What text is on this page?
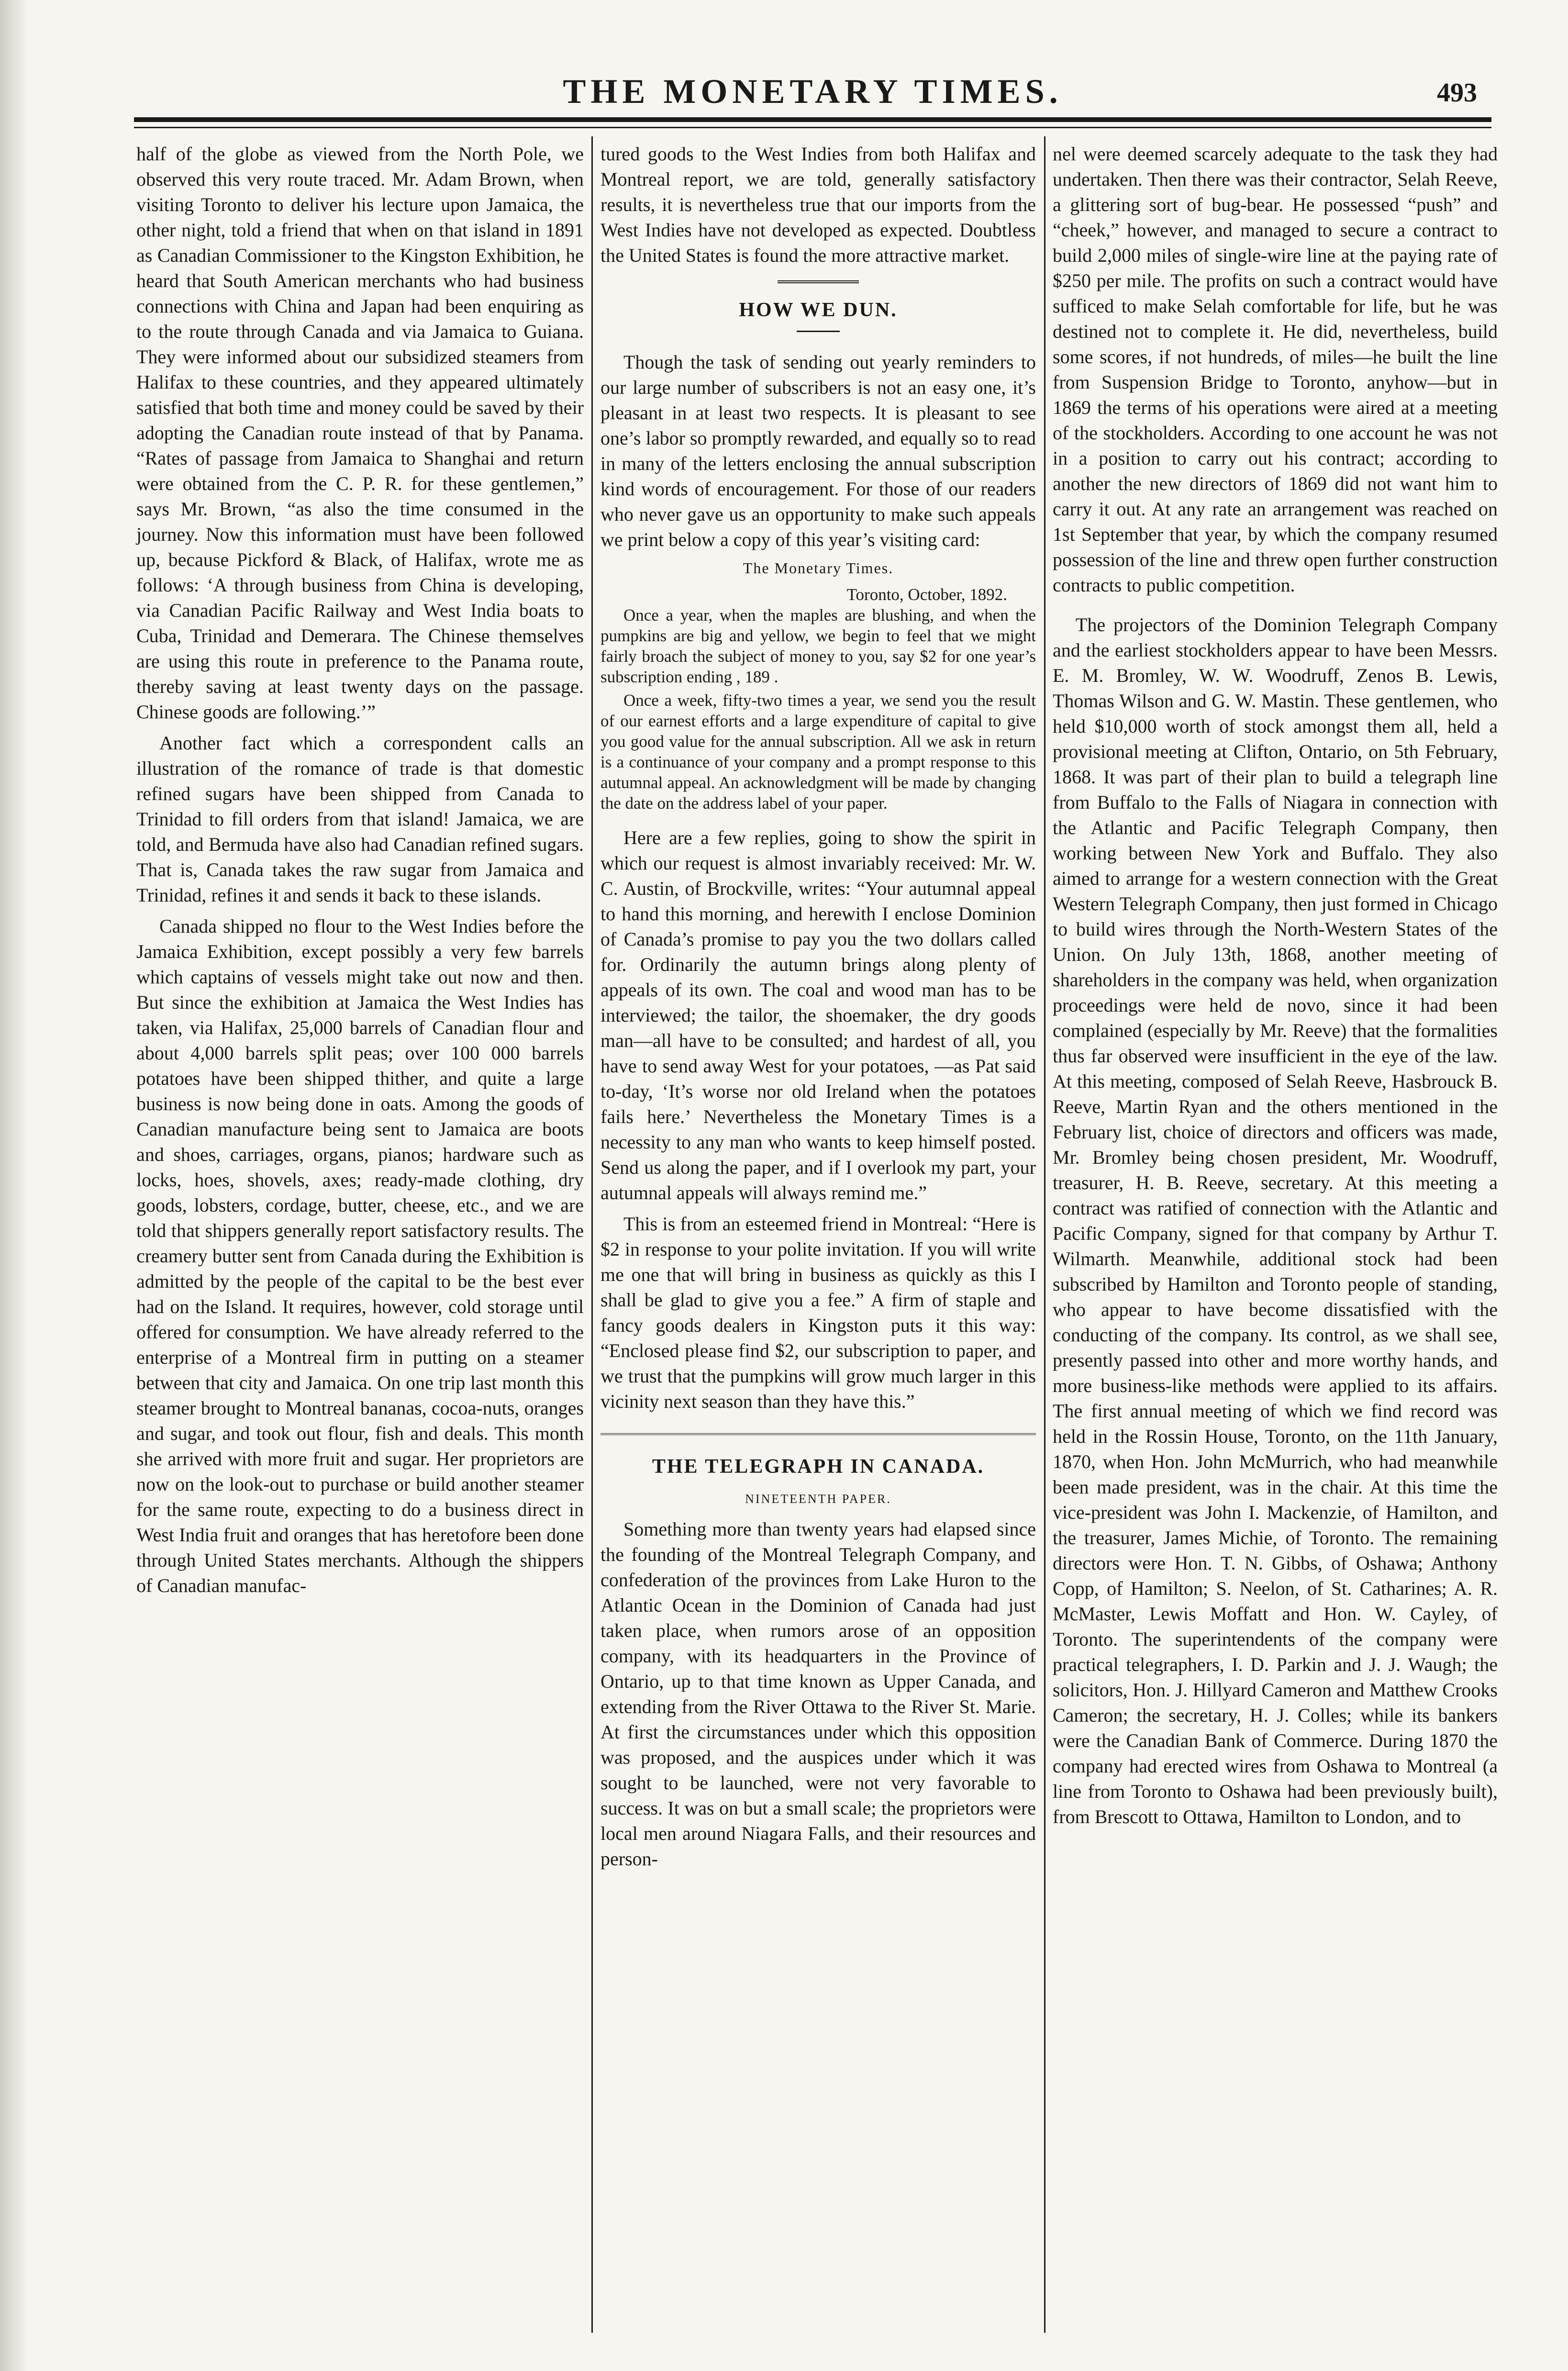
THE MONETARY TIMES.	493

half of the globe as viewed from the North Pole, we observed this very route traced. Mr. Adam Brown, when visiting Toronto to deliver his lecture upon Jamaica, the other night, told a friend that when on that island in 1891 as Canadian Commissioner to the Kingston Exhibition, he heard that South American merchants who had business connections with China and Japan had been enquiring as to the route through Canada and via Jamaica to Guiana. They were informed about our subsidized steamers from Halifax to these countries, and they appeared ultimately satisfied that both time and money could be saved by their adopting the Canadian route instead of that by Panama. “Rates of passage from Jamaica to Shanghai and return were obtained from the C. P. R. for these gentlemen,” says Mr. Brown, “as also the time consumed in the journey. Now this information must have been followed up, because Pickford & Black, of Halifax, wrote me as follows: ‘A through business from China is developing, via Canadian Pacific Railway and West India boats to Cuba, Trinidad and Demerara. The Chinese themselves are using this route in preference to the Panama route, thereby saving at least twenty days on the passage. Chinese goods are following.’”

Another fact which a correspondent calls an illustration of the romance of trade is that domestic refined sugars have been shipped from Canada to Trinidad to fill orders from that island! Jamaica, we are told, and Bermuda have also had Canadian refined sugars. That is, Canada takes the raw sugar from Jamaica and Trinidad, refines it and sends it back to these islands.

Canada shipped no flour to the West Indies before the Jamaica Exhibition, except possibly a very few barrels which captains of vessels might take out now and then. But since the exhibition at Jamaica the West Indies has taken, via Halifax, 25,000 barrels of Canadian flour and about 4,000 barrels split peas; over 100 000 barrels potatoes have been shipped thither, and quite a large business is now being done in oats. Among the goods of Canadian manufacture being sent to Jamaica are boots and shoes, carriages, organs, pianos; hardware such as locks, hoes, shovels, axes; ready-made clothing, dry goods, lobsters, cordage, butter, cheese, etc., and we are told that shippers generally report satisfactory results. The creamery butter sent from Canada during the Exhibition is admitted by the people of the capital to be the best ever had on the Island. It requires, however, cold storage until offered for consumption. We have already referred to the enterprise of a Montreal firm in putting on a steamer between that city and Jamaica. On one trip last month this steamer brought to Montreal bananas, cocoa-nuts, oranges and sugar, and took out flour, fish and deals. This month she arrived with more fruit and sugar. Her proprietors are now on the look-out to purchase or build another steamer for the same route, expecting to do a business direct in West India fruit and oranges that has heretofore been done through United States merchants. Although the shippers of Canadian manufac-

tured goods to the West Indies from both Halifax and Montreal report, we are told, generally satisfactory results, it is nevertheless true that our imports from the West Indies have not developed as expected. Doubtless the United States is found the more attractive market.

HOW WE DUN.

Though the task of sending out yearly reminders to our large number of subscribers is not an easy one, it’s pleasant in at least two respects. It is pleasant to see one’s labor so promptly rewarded, and equally so to read in many of the letters enclosing the annual subscription kind words of encouragement. For those of our readers who never gave us an opportunity to make such appeals we print below a copy of this year’s visiting card:

The Monetary Times.

Toronto, October, 1892.

Once a year, when the maples are blushing, and when the pumpkins are big and yellow, we begin to feel that we might fairly broach the subject of money to you, say $2 for one year’s subscription ending , 189 .

Once a week, fifty-two times a year, we send you the result of our earnest efforts and a large expenditure of capital to give you good value for the annual subscription. All we ask in return is a continuance of your company and a prompt response to this autumnal appeal. An acknowledgment will be made by changing the date on the address label of your paper.

Here are a few replies, going to show the spirit in which our request is almost invariably received: Mr. W. C. Austin, of Brockville, writes: “Your autumnal appeal to hand this morning, and herewith I enclose Dominion of Canada’s promise to pay you the two dollars called for. Ordinarily the autumn brings along plenty of appeals of its own. The coal and wood man has to be interviewed; the tailor, the shoemaker, the dry goods man—all have to be consulted; and hardest of all, you have to send away West for your potatoes, —as Pat said to-day, ‘It’s worse nor old Ireland when the potatoes fails here.’ Nevertheless the Monetary Times is a necessity to any man who wants to keep himself posted. Send us along the paper, and if I overlook my part, your autumnal appeals will always remind me.”

This is from an esteemed friend in Montreal: “Here is $2 in response to your polite invitation. If you will write me one that will bring in business as quickly as this I shall be glad to give you a fee.” A firm of staple and fancy goods dealers in Kingston puts it this way: “Enclosed please find $2, our subscription to paper, and we trust that the pumpkins will grow much larger in this vicinity next season than they have this.”

THE TELEGRAPH IN CANADA.

NINETEENTH PAPER.

Something more than twenty years had elapsed since the founding of the Montreal Telegraph Company, and confederation of the provinces from Lake Huron to the Atlantic Ocean in the Dominion of Canada had just taken place, when rumors arose of an opposition company, with its headquarters in the Province of Ontario, up to that time known as Upper Canada, and extending from the River Ottawa to the River St. Marie. At first the circumstances under which this opposition was proposed, and the auspices under which it was sought to be launched, were not very favorable to success. It was on but a small scale; the proprietors were local men around Niagara Falls, and their resources and person-

nel were deemed scarcely adequate to the task they had undertaken. Then there was their contractor, Selah Reeve, a glittering sort of bug-bear. He possessed “push” and “cheek,” however, and managed to secure a contract to build 2,000 miles of single-wire line at the paying rate of $250 per mile. The profits on such a contract would have sufficed to make Selah comfortable for life, but he was destined not to complete it. He did, nevertheless, build some scores, if not hundreds, of miles—he built the line from Suspension Bridge to Toronto, anyhow—but in 1869 the terms of his operations were aired at a meeting of the stockholders. According to one account he was not in a position to carry out his contract; according to another the new directors of 1869 did not want him to carry it out. At any rate an arrangement was reached on 1st September that year, by which the company resumed possession of the line and threw open further construction contracts to public competition.

The projectors of the Dominion Telegraph Company and the earliest stockholders appear to have been Messrs. E. M. Bromley, W. W. Woodruff, Zenos B. Lewis, Thomas Wilson and G. W. Mastin. These gentlemen, who held $10,000 worth of stock amongst them all, held a provisional meeting at Clifton, Ontario, on 5th February, 1868. It was part of their plan to build a telegraph line from Buffalo to the Falls of Niagara in connection with the Atlantic and Pacific Telegraph Company, then working between New York and Buffalo. They also aimed to arrange for a western connection with the Great Western Telegraph Company, then just formed in Chicago to build wires through the North-Western States of the Union. On July 13th, 1868, another meeting of shareholders in the company was held, when organization proceedings were held de novo, since it had been complained (especially by Mr. Reeve) that the formalities thus far observed were insufficient in the eye of the law. At this meeting, composed of Selah Reeve, Hasbrouck B. Reeve, Martin Ryan and the others mentioned in the February list, choice of directors and officers was made, Mr. Bromley being chosen president, Mr. Woodruff, treasurer, H. B. Reeve, secretary. At this meeting a contract was ratified of connection with the Atlantic and Pacific Company, signed for that company by Arthur T. Wilmarth. Meanwhile, additional stock had been subscribed by Hamilton and Toronto people of standing, who appear to have become dissatisfied with the conducting of the company. Its control, as we shall see, presently passed into other and more worthy hands, and more business-like methods were applied to its affairs. The first annual meeting of which we find record was held in the Rossin House, Toronto, on the 11th January, 1870, when Hon. John McMurrich, who had meanwhile been made president, was in the chair. At this time the vice-president was John I. Mackenzie, of Hamilton, and the treasurer, James Michie, of Toronto. The remaining directors were Hon. T. N. Gibbs, of Oshawa; Anthony Copp, of Hamilton; S. Neelon, of St. Catharines; A. R. McMaster, Lewis Moffatt and Hon. W. Cayley, of Toronto. The superintendents of the company were practical telegraphers, I. D. Parkin and J. J. Waugh; the solicitors, Hon. J. Hillyard Cameron and Matthew Crooks Cameron; the secretary, H. J. Colles; while its bankers were the Canadian Bank of Commerce. During 1870 the company had erected wires from Oshawa to Montreal (a line from Toronto to Oshawa had been previously built), from Brescott to Ottawa, Hamilton to London, and to
